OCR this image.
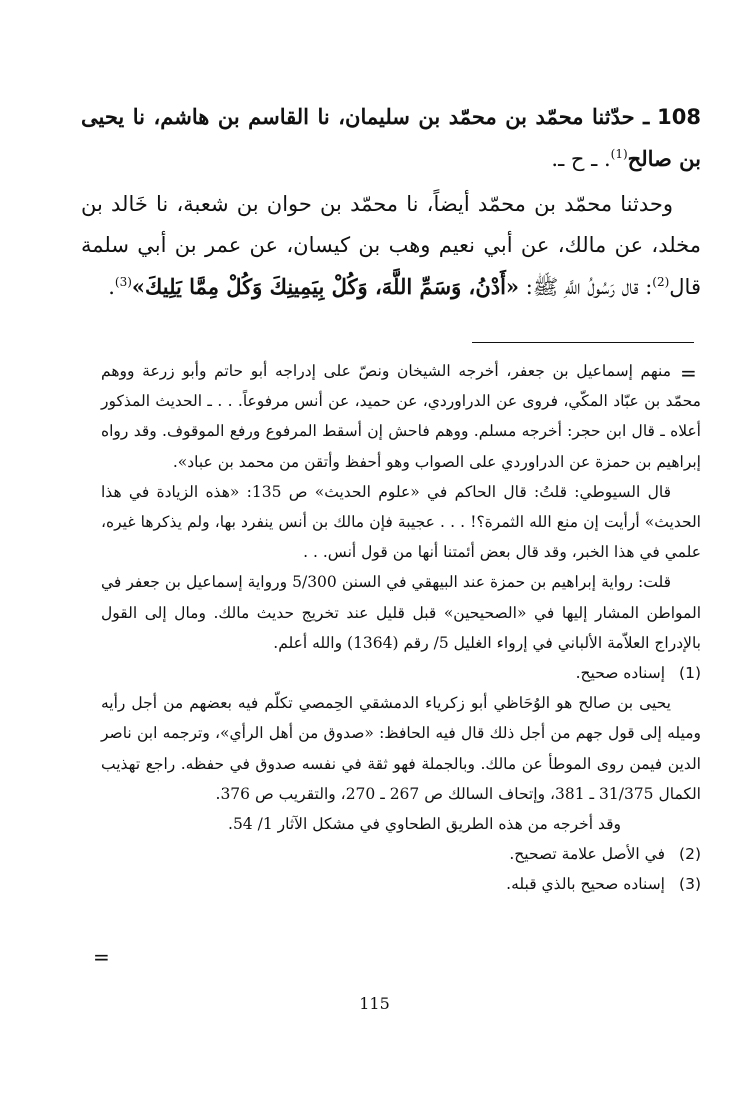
108 ـ حدّثنا محمّد بن محمّد بن سليمان، نا القاسم بن هاشم، نا يحيى بن صالح$^{(1)}$. ـ ح ـ.

وحدثنا محمّد بن محمّد أيضاً، نا محمّد بن حوان بن شعبة، نا خَالد بن مخلد، عن مالك، عن أبي نعيم وهب بن كيسان، عن عمر بن أبي سلمة قال$^{(2)}$: قال رَسُولُ اللَّهِ ﷺ: «أَدْنُ، وَسَمِّ اللَّهَ، وَكُلْ بِيَمِينِكَ وَكُلْ مِمَّا يَلِيكَ»$^{(3)}$.

=

منهم إسماعيل بن جعفر، أخرجه الشيخان ونصّ على إدراجه أبو حاتم وأبو زرعة ووهم محمّد بن عبّاد المكّي، فروى عن الدراوردي، عن حميد، عن أنس مرفوعاً. . . ـ الحديث المذكور أعلاه ـ قال ابن حجر: أخرجه مسلم. ووهم فاحش إن أسقط المرفوع ورفع الموقوف. وقد رواه إبراهيم بن حمزة عن الدراوردي على الصواب وهو أحفظ وأتقن من محمد بن عباد».

قال السيوطي: قلتُ: قال الحاكم في «علوم الحديث» ص 135: «هذه الزيادة في هذا الحديث» أرأيت إن منع الله الثمرة؟! . . . عجيبة فإن مالك بن أنس ينفرد بها، ولم يذكرها غيره، علمي في هذا الخبر، وقد قال بعض أئمتنا أنها من قول أنس. . .

قلت: رواية إبراهيم بن حمزة عند البيهقي في السنن 5/300 ورواية إسماعيل بن جعفر في المواطن المشار إليها في «الصحيحين» قبل قليل عند تخريج حديث مالك. ومال إلى القول بالإدراج العلاّمة الألباني في إرواء الغليل 5/ رقم (1364) والله أعلم.

(1)
إسناده صحيح.

يحيى بن صالح هو الوُحَاظي أبو زكرياء الدمشقي الحِمصي تكلّم فيه بعضهم من أجل رأيه وميله إلى قول جهم من أجل ذلك قال فيه الحافظ: «صدوق من أهل الرأي»، وترجمه ابن ناصر الدين فيمن روى الموطأ عن مالك. وبالجملة فهو ثقة في نفسه صدوق في حفظه. راجع تهذيب الكمال 31/375 ـ 381، وإتحاف السالك ص 267 ـ 270، والتقريب ص 376.

وقد أخرجه من هذه الطريق الطحاوي في مشكل الآثار 1/ 54.

(2)
في الأصل علامة تصحيح.
(3)
إسناده صحيح بالذي قبله.
=
115
